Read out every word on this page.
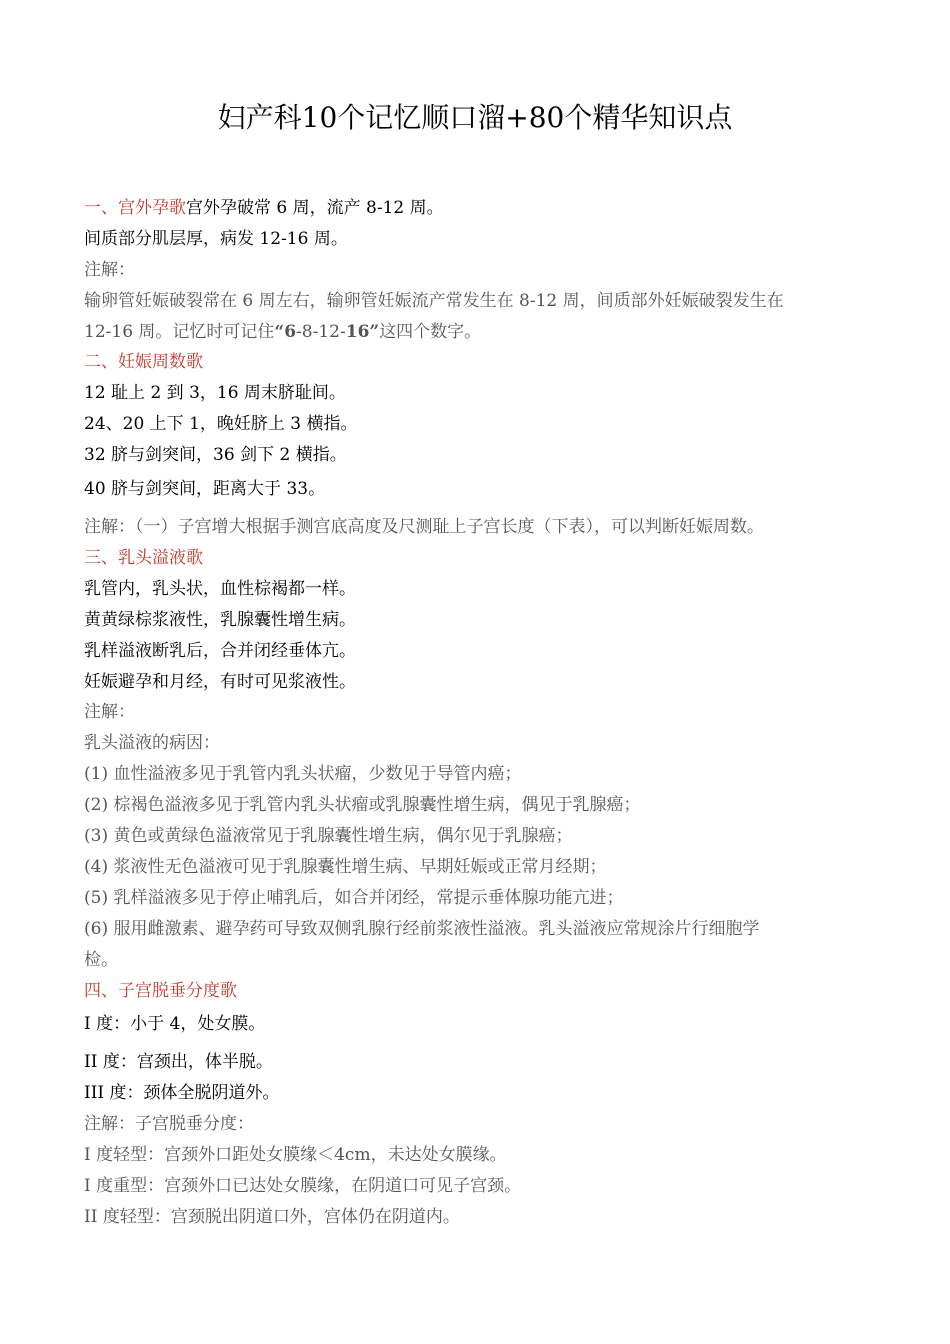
妇产科10个记忆顺口溜+80个精华知识点
一、宫外孕歌宫外孕破常 6 周，流产 8-12 周。
间质部分肌层厚，病发 12-16 周。
注解：
输卵管妊娠破裂常在 6 周左右，输卵管妊娠流产常发生在 8-12 周，间质部外妊娠破裂发生在
12-16 周。记忆时可记住“6-8-12-16”这四个数字。
二、妊娠周数歌
12 耻上 2 到 3，16 周末脐耻间。
24、20 上下 1，晚妊脐上 3 横指。
32 脐与剑突间，36 剑下 2 横指。
40 脐与剑突间，距离大于 33。
注解：（一）子宫增大根据手测宫底高度及尺测耻上子宫长度（下表），可以判断妊娠周数。
三、乳头溢液歌
乳管内，乳头状，血性棕褐都一样。
黄黄绿棕浆液性，乳腺囊性增生病。
乳样溢液断乳后，合并闭经垂体亢。
妊娠避孕和月经，有时可见浆液性。
注解：
乳头溢液的病因：
(1) 血性溢液多见于乳管内乳头状瘤，少数见于导管内癌；
(2) 棕褐色溢液多见于乳管内乳头状瘤或乳腺囊性增生病，偶见于乳腺癌；
(3) 黄色或黄绿色溢液常见于乳腺囊性增生病，偶尔见于乳腺癌；
(4) 浆液性无色溢液可见于乳腺囊性增生病、早期妊娠或正常月经期；
(5) 乳样溢液多见于停止哺乳后，如合并闭经，常提示垂体腺功能亢进；
(6) 服用雌激素、避孕药可导致双侧乳腺行经前浆液性溢液。乳头溢液应常规涂片行细胞学
检。
四、子宫脱垂分度歌
I 度：小于 4，处女膜。
II 度：宫颈出，体半脱。
III 度：颈体全脱阴道外。
注解：子宫脱垂分度：
I 度轻型：宫颈外口距处女膜缘＜4cm，未达处女膜缘。
I 度重型：宫颈外口已达处女膜缘，在阴道口可见子宫颈。
II 度轻型：宫颈脱出阴道口外，宫体仍在阴道内。
